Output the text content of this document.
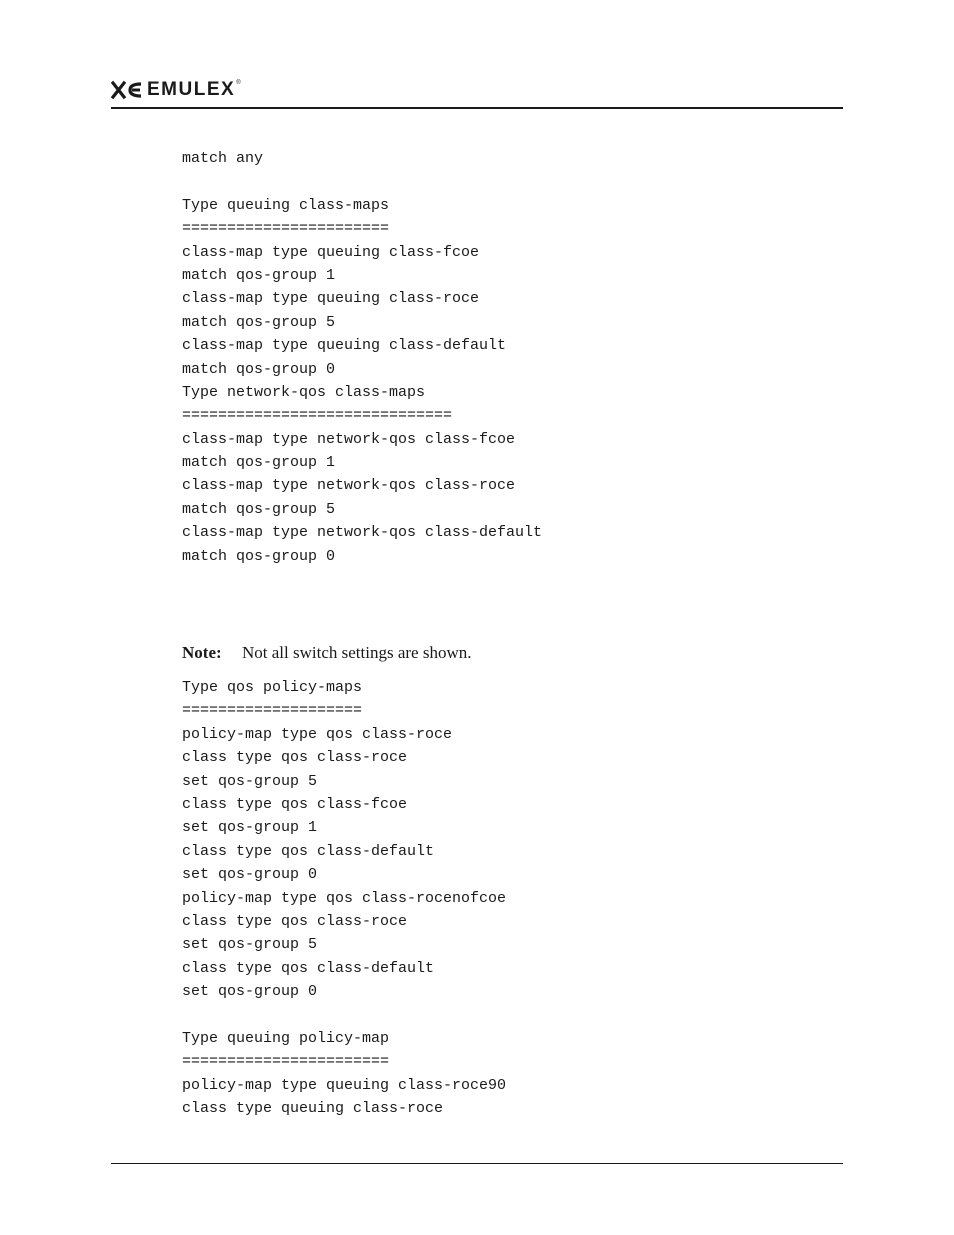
EMULEX ®
match any
Type queuing class-maps
=======================
class-map type queuing class-fcoe
match qos-group 1
class-map type queuing class-roce
match qos-group 5
class-map type queuing class-default
match qos-group 0
Type network-qos class-maps
==============================
class-map type network-qos class-fcoe
match qos-group 1
class-map type network-qos class-roce
match qos-group 5
class-map type network-qos class-default
match qos-group 0
Note: Not all switch settings are shown.
Type qos policy-maps
====================
policy-map type qos class-roce
class type qos class-roce
set qos-group 5
class type qos class-fcoe
set qos-group 1
class type qos class-default
set qos-group 0
policy-map type qos class-rocenofcoe
class type qos class-roce
set qos-group 5
class type qos class-default
set qos-group 0
Type queuing policy-map
=======================
policy-map type queuing class-roce90
class type queuing class-roce
